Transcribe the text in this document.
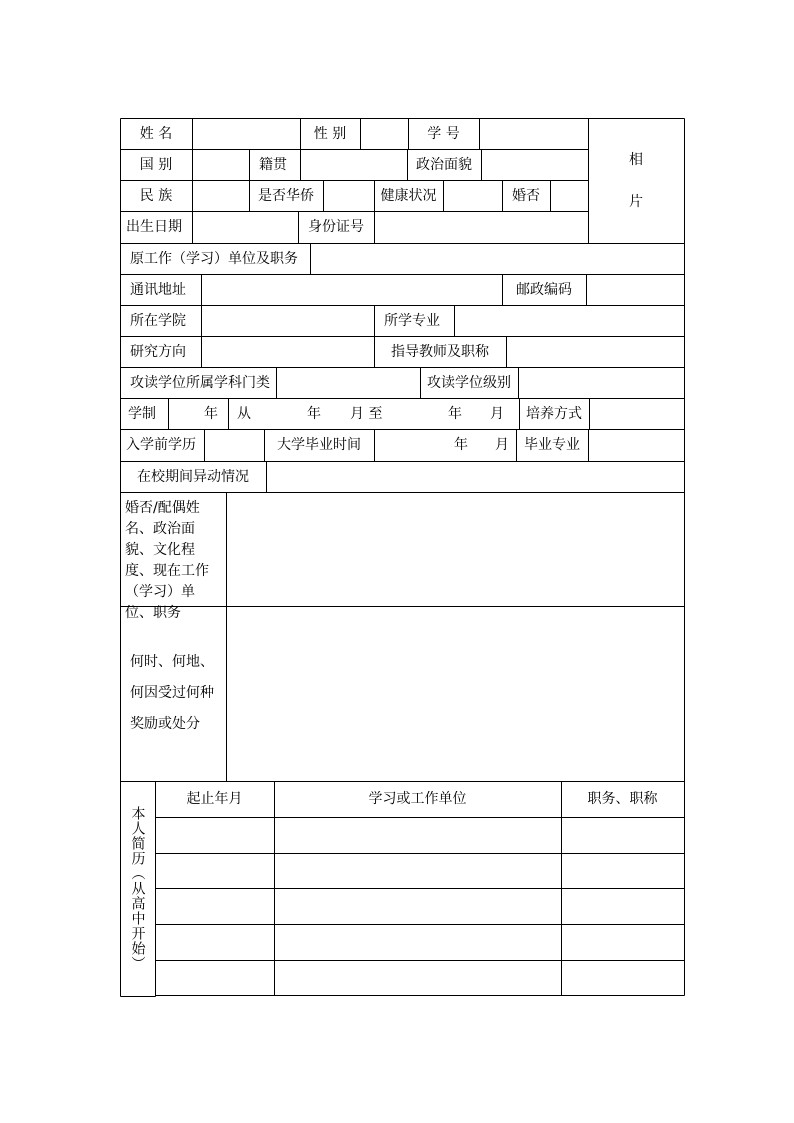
姓 名	性 别	学 号
相
片
国 别	籍贯	政治面貌
民 族	是否华侨	健康状况	婚否
出生日期	身份证号
原工作（学习）单位及职务
通讯地址	邮政编码
所在学院	所学专业
研究方向	指导教师及职称
攻读学位所属学科门类	攻读学位级别
学制	年	从	年 月 至	年 月	培养方式
入学前学历	大学毕业时间	年 月	毕业专业
在校期间异动情况
婚否/配偶姓名、政治面貌、文化程度、现在工作（学习）单位、职务
何时、何地、何因受过何种奖励或处分
本人简历（从高中开始）
起止年月	学习或工作单位	职务、职称
